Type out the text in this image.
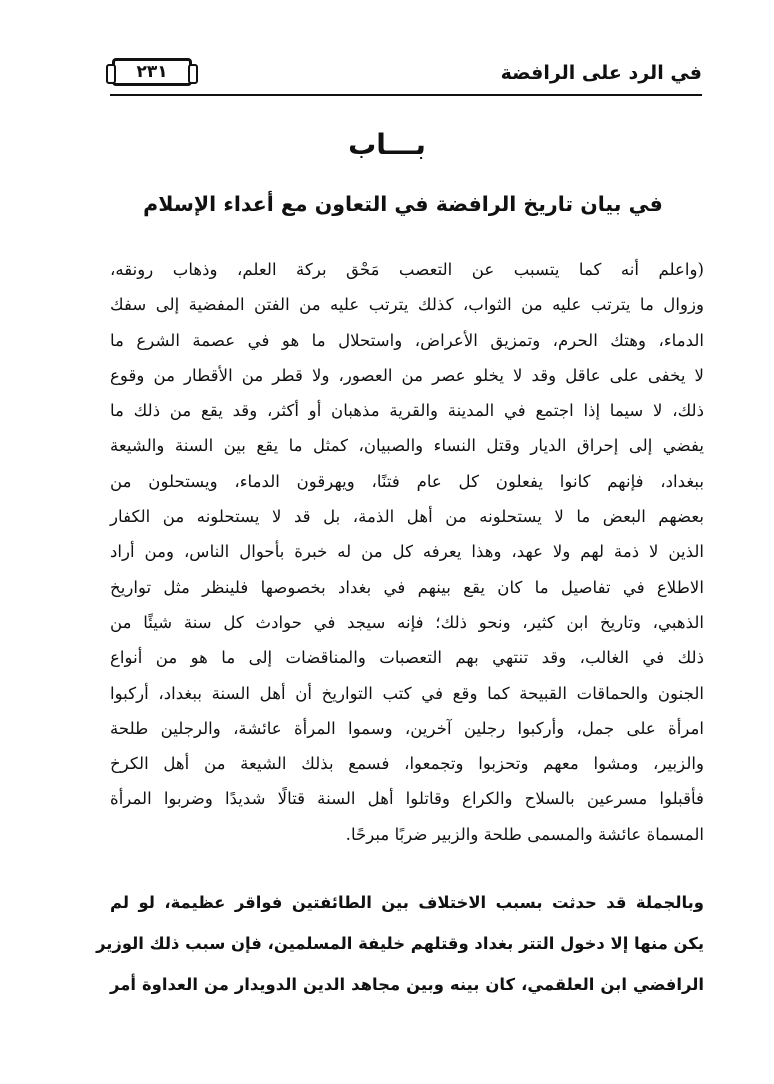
في الرد على الرافضة
٢٣١
بـــاب
في بيان تاريخ الرافضة في التعاون مع أعداء الإسلام
(واعلم أنه كما يتسبب عن التعصب مَحْق بركة العلم، وذهاب رونقه،
وزوال ما يترتب عليه من الثواب، كذلك يترتب عليه من الفتن المفضية إلى سفك
الدماء، وهتك الحرم، وتمزيق الأعراض، واستحلال ما هو في عصمة الشرع ما
لا يخفى على عاقل وقد لا يخلو عصر من العصور، ولا قطر من الأقطار من وقوع
ذلك، لا سيما إذا اجتمع في المدينة والقرية مذهبان أو أكثر، وقد يقع من ذلك ما
يفضي إلى إحراق الديار وقتل النساء والصبيان، كمثل ما يقع بين السنة والشيعة
ببغداد، فإنهم كانوا يفعلون كل عام فتنًا، ويهرقون الدماء، ويستحلون من
بعضهم البعض ما لا يستحلونه من أهل الذمة، بل قد لا يستحلونه من الكفار
الذين لا ذمة لهم ولا عهد، وهذا يعرفه كل من له خبرة بأحوال الناس، ومن أراد
الاطلاع في تفاصيل ما كان يقع بينهم في بغداد بخصوصها فلينظر مثل تواريخ
الذهبي، وتاريخ ابن كثير، ونحو ذلك؛ فإنه سيجد في حوادث كل سنة شيئًا من
ذلك في الغالب، وقد تنتهي بهم التعصبات والمناقضات إلى ما هو من أنواع
الجنون والحماقات القبيحة كما وقع في كتب التواريخ أن أهل السنة ببغداد، أركبوا
امرأة على جمل، وأركبوا رجلين آخرين، وسموا المرأة عائشة، والرجلين طلحة
والزبير، ومشوا معهم وتحزبوا وتجمعوا، فسمع بذلك الشيعة من أهل الكرخ
فأقبلوا مسرعين بالسلاح والكراع وقاتلوا أهل السنة قتالًا شديدًا وضربوا المرأة
المسماة عائشة والمسمى طلحة والزبير ضربًا مبرحًا.
وبالجملة قد حدثت بسبب الاختلاف بين الطائفتين فواقر عظيمة، لو لم
يكن منها إلا دخول التتر بغداد وقتلهم خليفة المسلمين، فإن سبب ذلك الوزير
الرافضي ابن العلقمي، كان بينه وبين مجاهد الدين الدويدار من العداوة أمر
